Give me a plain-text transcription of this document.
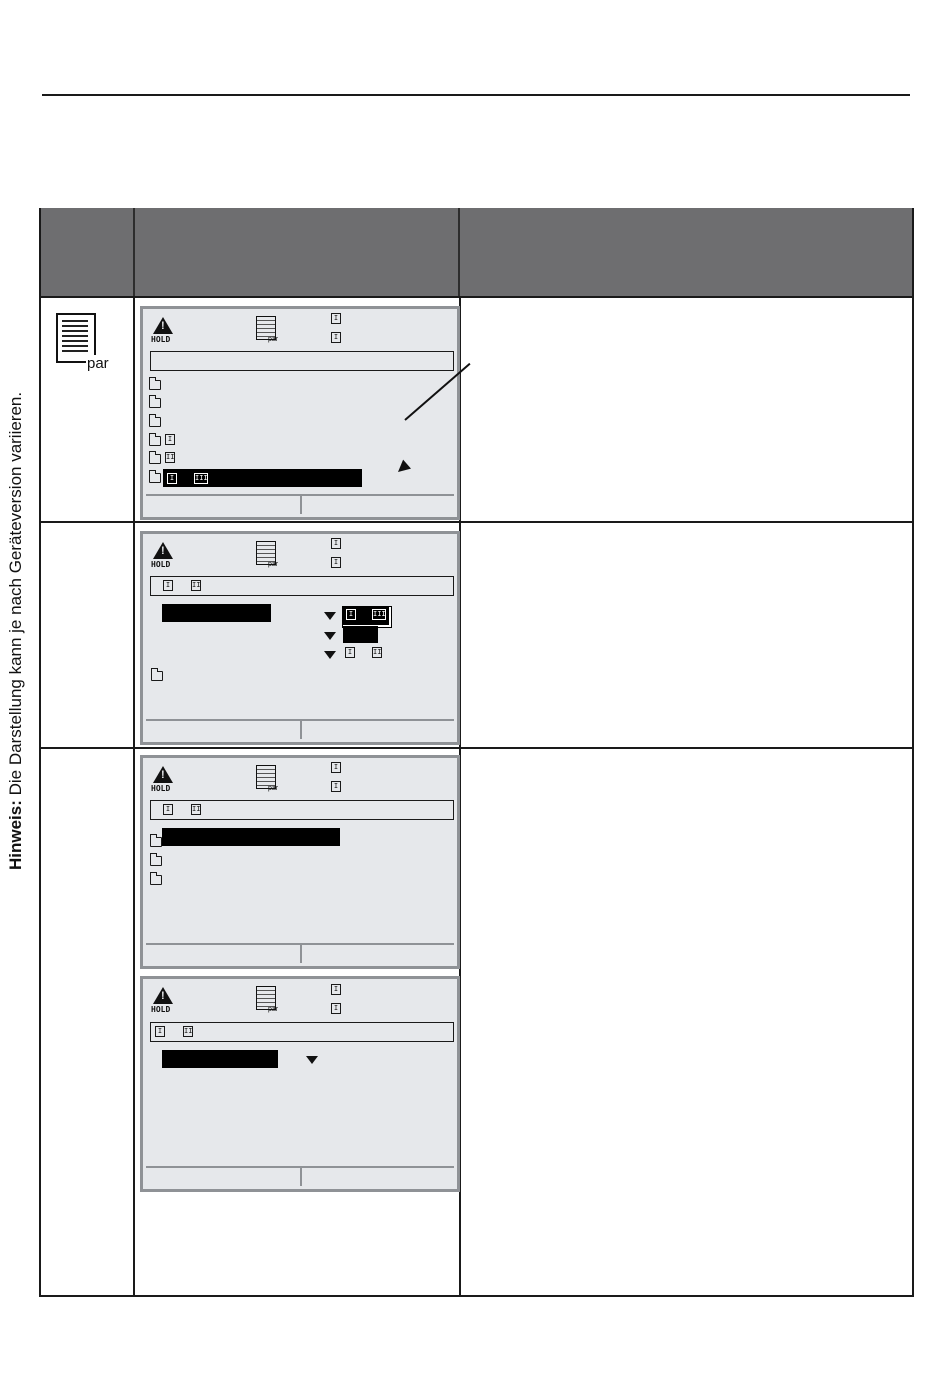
Hinweis: Die Darstellung kann je nach Geräteversion variieren.
par
!
HOLD	par
I
I
I
II
I	III
!
HOLD	par
I
I
I	II
I	III
I	II
!
HOLD	par
I
I
I	II
!
HOLD	par
I
I
I	II
